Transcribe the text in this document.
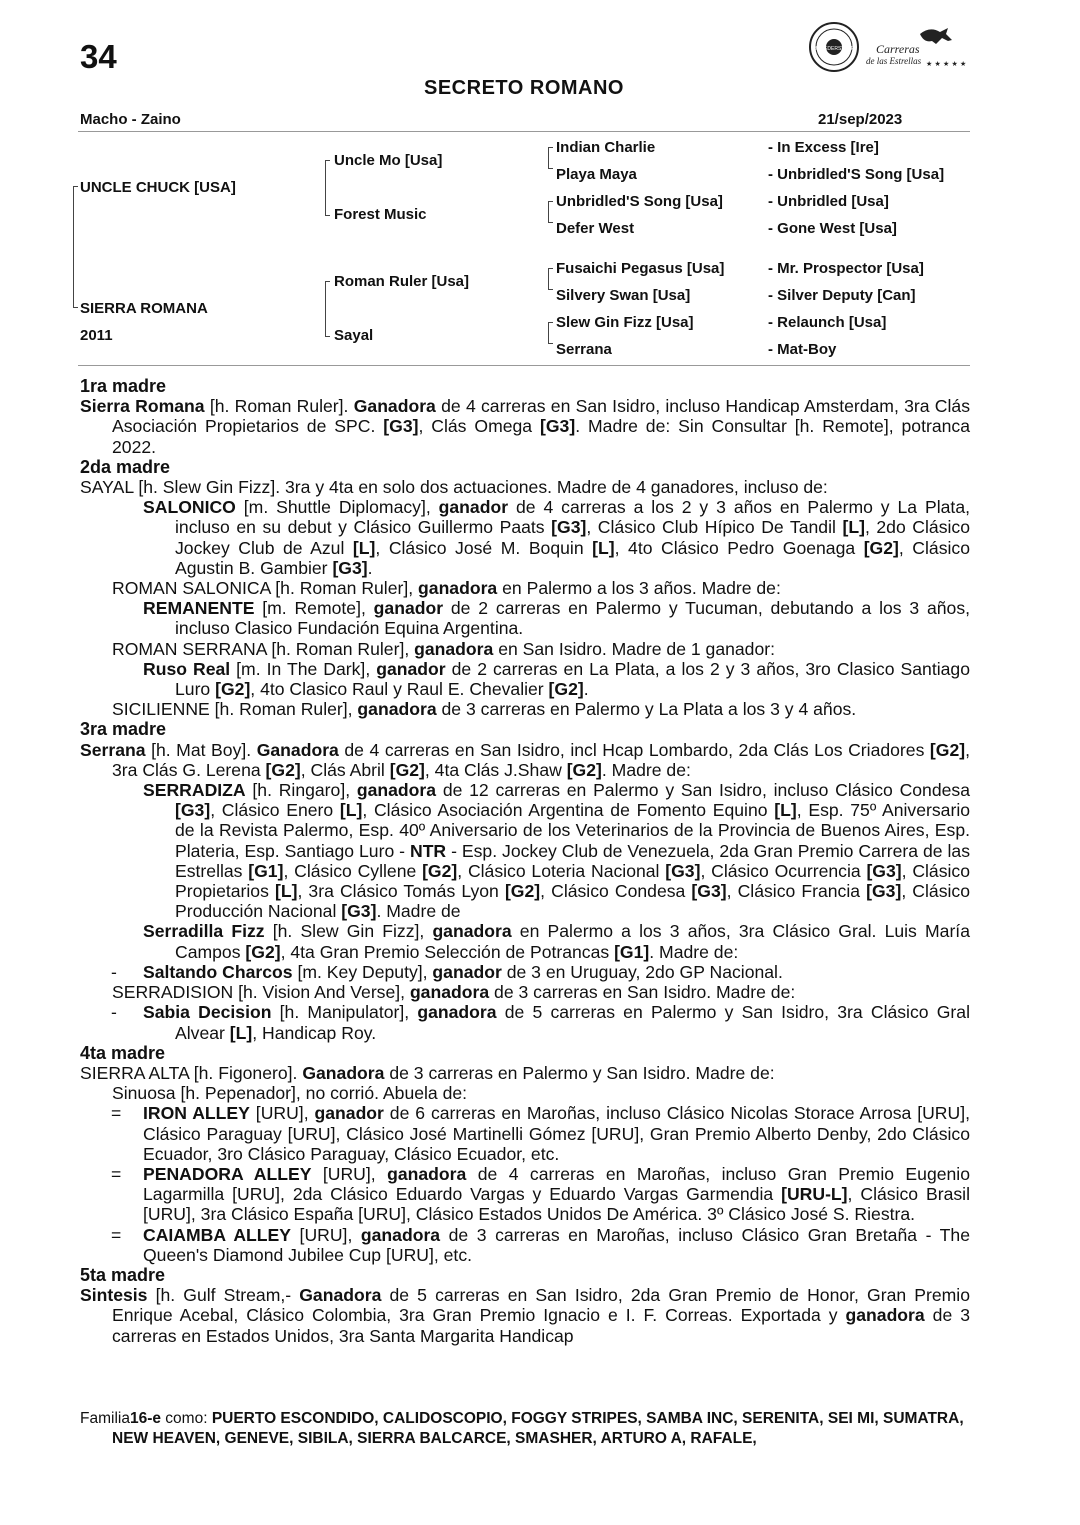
34	BREEDERS' CUP Carreras
de las Estrellas ★ ★ ★ ★ ★
SECRETO ROMANO
Macho - Zaino	21/sep/2023
UNCLE CHUCK [USA]
SIERRA ROMANA
2011
Uncle Mo [Usa]
Forest Music
Roman Ruler [Usa]
Sayal
Indian Charlie
Playa Maya
Unbridled'S Song [Usa]
Defer West
Fusaichi Pegasus [Usa]
Silvery Swan [Usa]
Slew Gin Fizz [Usa]
Serrana
- In Excess [Ire]
- Unbridled'S Song [Usa]
- Unbridled [Usa]
- Gone West [Usa]
- Mr. Prospector [Usa]
- Silver Deputy [Can]
- Relaunch [Usa]
- Mat-Boy
1ra madre

Sierra Romana [h. Roman Ruler]. Ganadora de 4 carreras en San Isidro, incluso Handicap Amsterdam, 3ra Clás Asociación Propietarios de SPC. [G3], Clás Omega [G3]. Madre de: Sin Consultar [h. Remote], potranca 2022.

2da madre

SAYAL [h. Slew Gin Fizz]. 3ra y 4ta en solo dos actuaciones. Madre de 4 ganadores, incluso de:

SALONICO [m. Shuttle Diplomacy], ganador de 4 carreras a los 2 y 3 años en Palermo y La Plata, incluso en su debut y Clásico Guillermo Paats [G3], Clásico Club Hípico De Tandil [L], 2do Clásico Jockey Club de Azul [L], Clásico José M. Boquin [L], 4to Clásico Pedro Goenaga [G2], Clásico Agustin B. Gambier [G3].

ROMAN SALONICA [h. Roman Ruler], ganadora en Palermo a los 3 años. Madre de:

REMANENTE [m. Remote], ganador de 2 carreras en Palermo y Tucuman, debutando a los 3 años, incluso Clasico Fundación Equina Argentina.

ROMAN SERRANA [h. Roman Ruler], ganadora en San Isidro. Madre de 1 ganador:

Ruso Real [m. In The Dark], ganador de 2 carreras en La Plata, a los 2 y 3 años, 3ro Clasico Santiago Luro [G2], 4to Clasico Raul y Raul E. Chevalier [G2].

SICILIENNE [h. Roman Ruler], ganadora de 3 carreras en Palermo y La Plata a los 3 y 4 años.

3ra madre

Serrana [h. Mat Boy]. Ganadora de 4 carreras en San Isidro, incl Hcap Lombardo, 2da Clás Los Criadores [G2], 3ra Clás G. Lerena [G2], Clás Abril [G2], 4ta Clás J.Shaw [G2]. Madre de:

SERRADIZA [h. Ringaro], ganadora de 12 carreras en Palermo y San Isidro, incluso Clásico Condesa [G3], Clásico Enero [L], Clásico Asociación Argentina de Fomento Equino [L], Esp. 75º Aniversario de la Revista Palermo, Esp. 40º Aniversario de los Veterinarios de la Provincia de Buenos Aires, Esp. Plateria, Esp. Santiago Luro - NTR - Esp. Jockey Club de Venezuela, 2da Gran Premio Carrera de las Estrellas [G1], Clásico Cyllene [G2], Clásico Loteria Nacional [G3], Clásico Ocurrencia [G3], Clásico Propietarios [L], 3ra Clásico Tomás Lyon [G2], Clásico Condesa [G3], Clásico Francia [G3], Clásico Producción Nacional [G3]. Madre de

Serradilla Fizz [h. Slew Gin Fizz], ganadora en Palermo a los 3 años, 3ra Clásico Gral. Luis María Campos [G2], 4ta Gran Premio Selección de Potrancas [G1]. Madre de:

- Saltando Charcos [m. Key Deputy], ganador de 3 en Uruguay, 2do GP Nacional.

SERRADISION [h. Vision And Verse], ganadora de 3 carreras en San Isidro. Madre de:

- Sabia Decision [h. Manipulator], ganadora de 5 carreras en Palermo y San Isidro, 3ra Clásico Gral Alvear [L], Handicap Roy.

4ta madre

SIERRA ALTA [h. Figonero]. Ganadora de 3 carreras en Palermo y San Isidro. Madre de:

Sinuosa [h. Pepenador], no corrió. Abuela de:

= IRON ALLEY [URU], ganador de 6 carreras en Maroñas, incluso Clásico Nicolas Storace Arrosa [URU], Clásico Paraguay [URU], Clásico José Martinelli Gómez [URU], Gran Premio Alberto Denby, 2do Clásico Ecuador, 3ro Clásico Paraguay, Clásico Ecuador, etc.

= PENADORA ALLEY [URU], ganadora de 4 carreras en Maroñas, incluso Gran Premio Eugenio Lagarmilla [URU], 2da Clásico Eduardo Vargas y Eduardo Vargas Garmendia [URU-L], Clásico Brasil [URU], 3ra Clásico España [URU], Clásico Estados Unidos De América. 3º Clásico José S. Riestra.

= CAIAMBA ALLEY [URU], ganadora de 3 carreras en Maroñas, incluso Clásico Gran Bretaña - The Queen's Diamond Jubilee Cup [URU], etc.

5ta madre

Sintesis [h. Gulf Stream,- Ganadora de 5 carreras en San Isidro, 2da Gran Premio de Honor, Gran Premio Enrique Acebal, Clásico Colombia, 3ra Gran Premio Ignacio e I. F. Correas. Exportada y ganadora de 3 carreras en Estados Unidos, 3ra Santa Margarita Handicap

Familia16-e como: PUERTO ESCONDIDO, CALIDOSCOPIO, FOGGY STRIPES, SAMBA INC, SERENITA, SEI MI, SUMATRA, NEW HEAVEN, GENEVE, SIBILA, SIERRA BALCARCE, SMASHER, ARTURO A, RAFALE,
